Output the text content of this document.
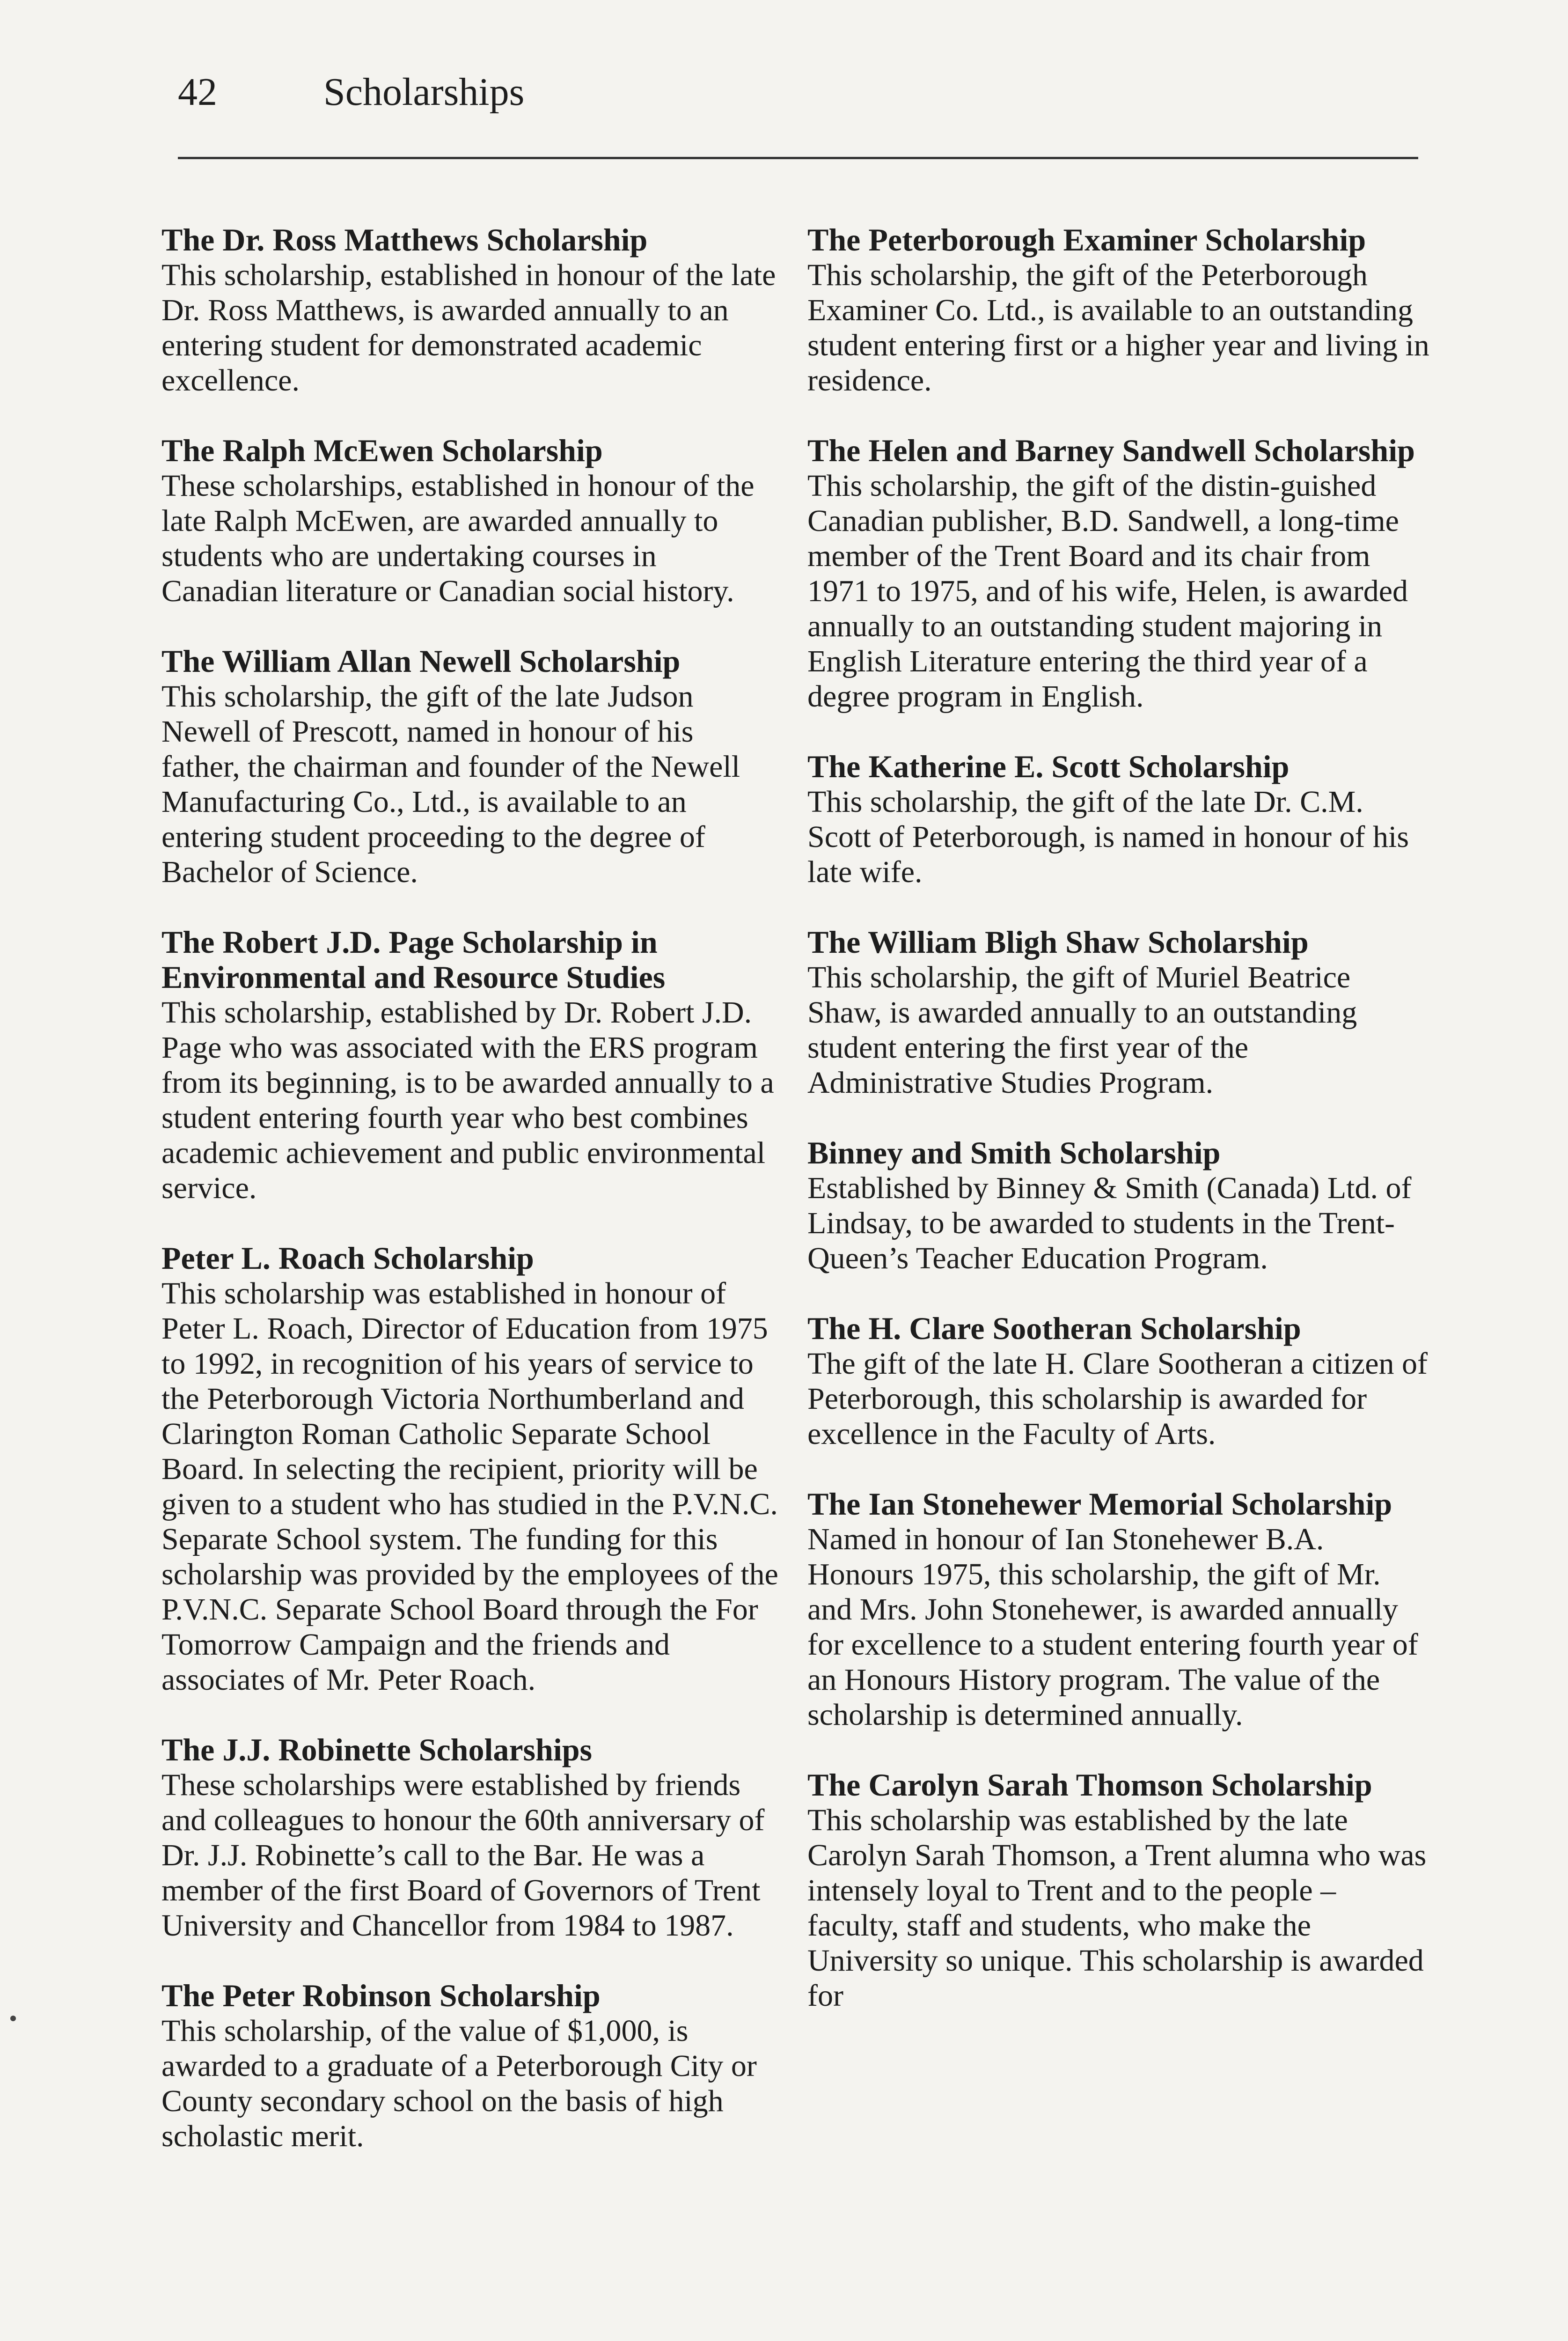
42	Scholarships
The Dr. Ross Matthews Scholarship

This scholarship, established in honour of the late Dr. Ross Matthews, is awarded annually to an entering student for demonstrated academic excellence.

The Ralph McEwen Scholarship

These scholarships, established in honour of the late Ralph McEwen, are awarded annually to students who are undertaking courses in Canadian literature or Canadian social history.

The William Allan Newell Scholarship

This scholarship, the gift of the late Judson Newell of Prescott, named in honour of his father, the chairman and founder of the Newell Manufacturing Co., Ltd., is available to an entering student proceeding to the degree of Bachelor of Science.

The Robert J.D. Page Scholarship in Environmental and Resource Studies

This scholarship, established by Dr. Robert J.D. Page who was associated with the ERS program from its beginning, is to be awarded annually to a student entering fourth year who best combines academic achievement and public environmental service.

Peter L. Roach Scholarship

This scholarship was established in honour of Peter L. Roach, Director of Education from 1975 to 1992, in recognition of his years of service to the Peterborough Victoria Northumberland and Clarington Roman Catholic Separate School Board. In selecting the recipient, priority will be given to a student who has studied in the P.V.N.C. Separate School system. The funding for this scholarship was provided by the employees of the P.V.N.C. Separate School Board through the For Tomorrow Campaign and the friends and associates of Mr. Peter Roach.

The J.J. Robinette Scholarships

These scholarships were established by friends and colleagues to honour the 60th anniversary of Dr. J.J. Robinette’s call to the Bar. He was a member of the first Board of Governors of Trent University and Chancellor from 1984 to 1987.

The Peter Robinson Scholarship

This scholarship, of the value of $1,000, is awarded to a graduate of a Peterborough City or County secondary school on the basis of high scholastic merit.

The Peterborough Examiner Scholarship

This scholarship, the gift of the Peterborough Examiner Co. Ltd., is available to an outstanding student entering first or a higher year and living in residence.

The Helen and Barney Sandwell Scholarship

This scholarship, the gift of the distin-guished Canadian publisher, B.D. Sandwell, a long-time member of the Trent Board and its chair from 1971 to 1975, and of his wife, Helen, is awarded annually to an outstanding student majoring in English Literature entering the third year of a degree program in English.

The Katherine E. Scott Scholarship

This scholarship, the gift of the late Dr. C.M. Scott of Peterborough, is named in honour of his late wife.

The William Bligh Shaw Scholarship

This scholarship, the gift of Muriel Beatrice Shaw, is awarded annually to an outstanding student entering the first year of the Administrative Studies Program.

Binney and Smith Scholarship

Established by Binney & Smith (Canada) Ltd. of Lindsay, to be awarded to students in the Trent-Queen’s Teacher Education Program.

The H. Clare Sootheran Scholarship

The gift of the late H. Clare Sootheran a citizen of Peterborough, this scholarship is awarded for excellence in the Faculty of Arts.

The Ian Stonehewer Memorial Scholarship

Named in honour of Ian Stonehewer B.A. Honours 1975, this scholarship, the gift of Mr. and Mrs. John Stonehewer, is awarded annually for excellence to a student entering fourth year of an Honours History program. The value of the scholarship is determined annually.

The Carolyn Sarah Thomson Scholarship

This scholarship was established by the late Carolyn Sarah Thomson, a Trent alumna who was intensely loyal to Trent and to the people – faculty, staff and students, who make the University so unique. This scholarship is awarded for
